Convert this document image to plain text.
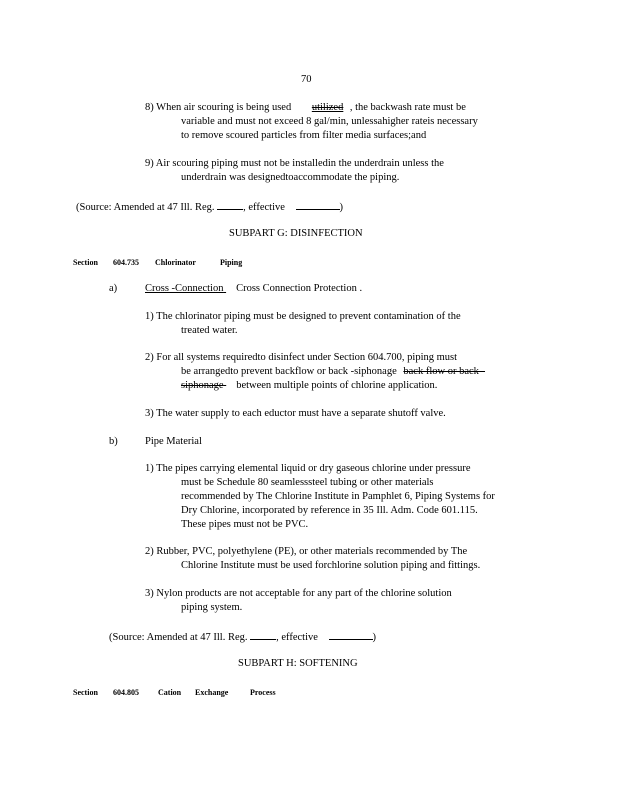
70
8) When air scouring is being used utilized , the backwash rate must be
variable and must not exceed 8 gal/min, unlessahigher rateis necessary
to remove scoured particles from filter media surfaces;and
9) Air scouring piping must not be installedin the underdrain unless the
underdrain was designedtoaccommodate the piping.
(Source: Amended at 47 Ill. Reg.	, effective	)
SUBPART G: DISINFECTION
Section 604.735 Chlorinator	Piping
a)	Cross -Connection Cross Connection Protection .
1) The chlorinator piping must be designed to prevent contamination of the
treated water.
2) For all systems requiredto disinfect under Section 604.700, piping must
be arrangedto prevent backflow or back -siphonage back flow or back -
siphonage  between multiple points of chlorine application.
3) The water supply to each eductor must have a separate shutoff valve.
b)	Pipe Material
1) The pipes carrying elemental liquid or dry gaseous chlorine under pressure
must be Schedule 80 seamlesssteel tubing or other materials
recommended by The Chlorine Institute in Pamphlet 6, Piping Systems for
Dry Chlorine, incorporated by reference in 35 Ill. Adm. Code 601.115.
These pipes must not be PVC.
2) Rubber, PVC, polyethylene (PE), or other materials recommended by The
Chlorine Institute must be used forchlorine solution piping and fittings.
3) Nylon products are not acceptable for any part of the chlorine solution
piping system.
(Source: Amended at 47 Ill. Reg.	, effective	)
SUBPART H: SOFTENING
Section 604.805 Cation Exchange	Process
